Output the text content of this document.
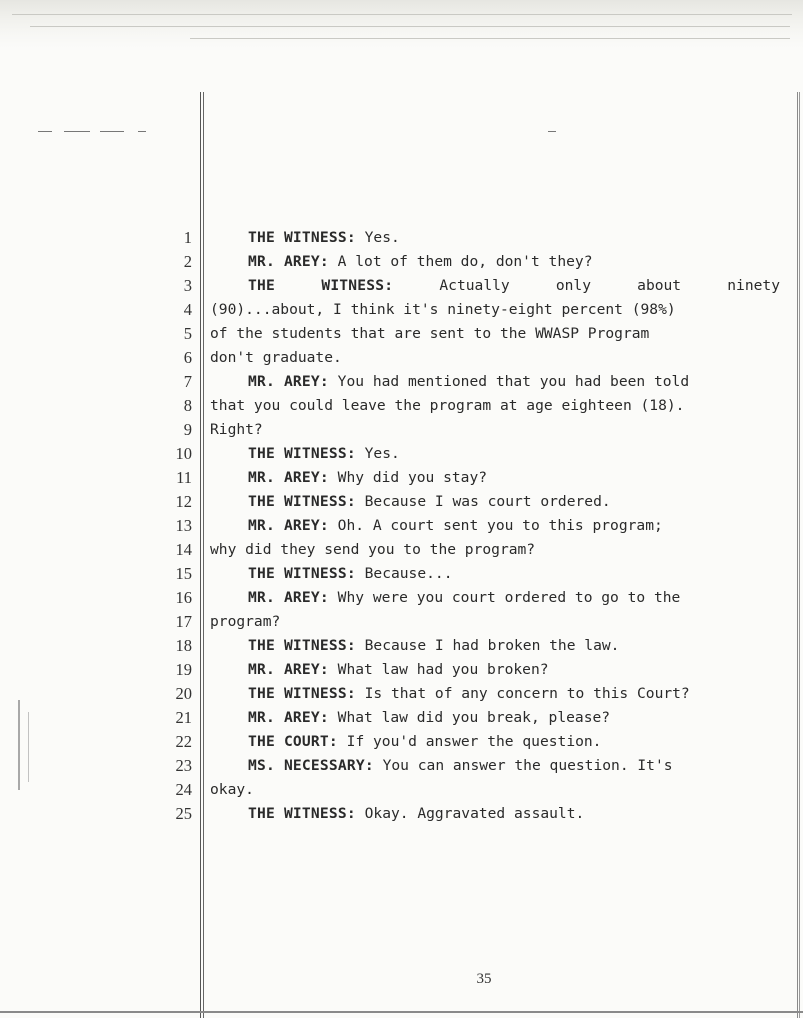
1
2
3
4
5
6
7
8
9
10
11
12
13
14
15
16
17
18
19
20
21
22
23
24
25
THE WITNESS: Yes.
MR. AREY: A lot of them do, don't they?
THE WITNESS: Actually only about ninety
(90)...about, I think it's ninety-eight percent (98%)
of the students that are sent to the WWASP Program
don't graduate.
MR. AREY: You had mentioned that you had been told
that you could leave the program at age eighteen (18).
Right?
THE WITNESS: Yes.
MR. AREY: Why did you stay?
THE WITNESS: Because I was court ordered.
MR. AREY: Oh. A court sent you to this program;
why did they send you to the program?
THE WITNESS: Because...
MR. AREY: Why were you court ordered to go to the
program?
THE WITNESS: Because I had broken the law.
MR. AREY: What law had you broken?
THE WITNESS: Is that of any concern to this Court?
MR. AREY: What law did you break, please?
THE COURT: If you'd answer the question.
MS. NECESSARY: You can answer the question. It's
okay.
THE WITNESS: Okay. Aggravated assault.
35
